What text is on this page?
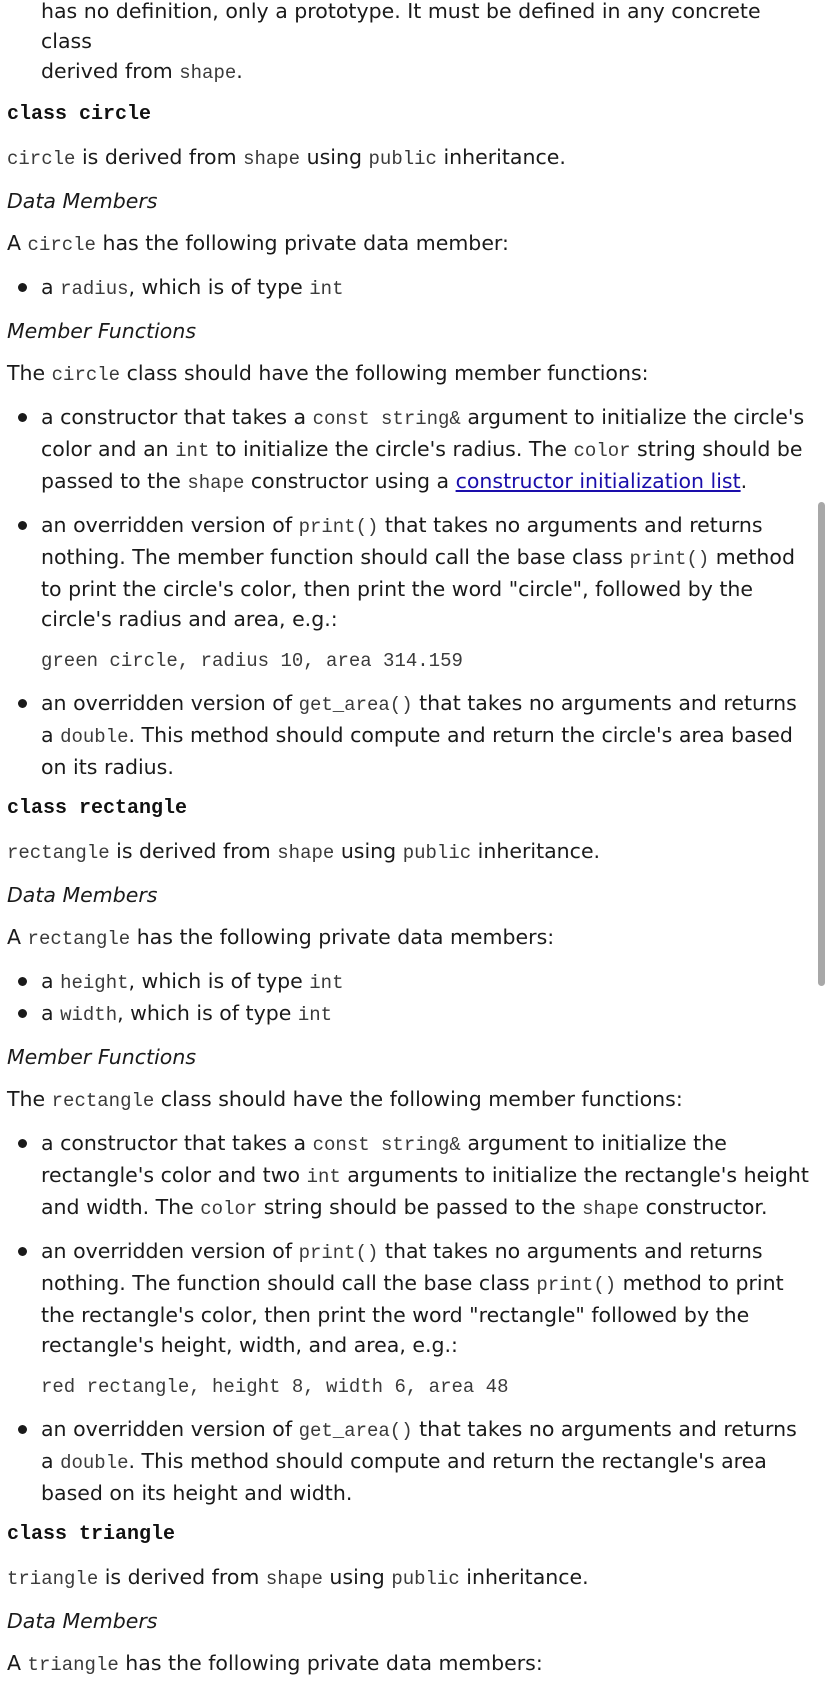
has no definition, only a prototype. It must be defined in any concrete class
derived from shape.
class circle
circle is derived from shape using public inheritance.
Data Members
A circle has the following private data member:
a radius, which is of type int
Member Functions
The circle class should have the following member functions:
a constructor that takes a const string& argument to initialize the circle's color and an int to initialize the circle's radius. The color string should be passed to the shape constructor using a constructor initialization list.
an overridden version of print() that takes no arguments and returns nothing. The member function should call the base class print() method to print the circle's color, then print the word "circle", followed by the circle's radius and area, e.g.:
green circle, radius 10, area 314.159
an overridden version of get_area() that takes no arguments and returns a double. This method should compute and return the circle's area based on its radius.
class rectangle
rectangle is derived from shape using public inheritance.
Data Members
A rectangle has the following private data members:
a height, which is of type int
a width, which is of type int
Member Functions
The rectangle class should have the following member functions:
a constructor that takes a const string& argument to initialize the rectangle's color and two int arguments to initialize the rectangle's height and width. The color string should be passed to the shape constructor.
an overridden version of print() that takes no arguments and returns nothing. The function should call the base class print() method to print the rectangle's color, then print the word "rectangle" followed by the rectangle's height, width, and area, e.g.:
red rectangle, height 8, width 6, area 48
an overridden version of get_area() that takes no arguments and returns a double. This method should compute and return the rectangle's area based on its height and width.
class triangle
triangle is derived from shape using public inheritance.
Data Members
A triangle has the following private data members:
